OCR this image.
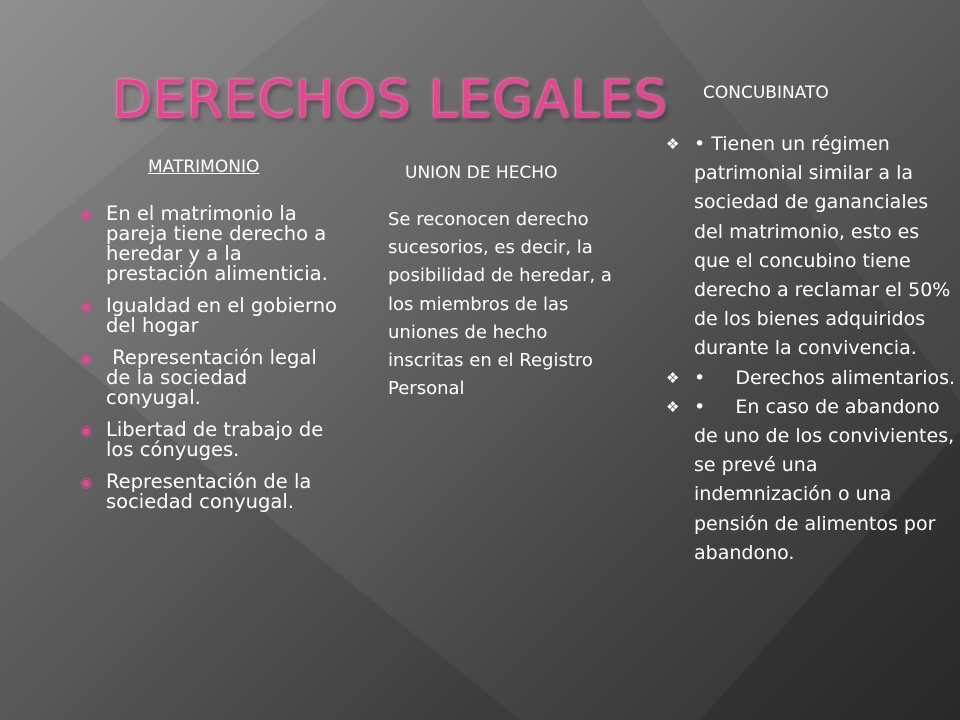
DERECHOS LEGALES
MATRIMONIO	UNION DE HECHO
CONCUBINATO
◉ En el matrimonio la pareja tiene derecho a heredar y a la prestación alimenticia.
◉ Igualdad en el gobierno del hogar
◉ Representación legal de la sociedad conyugal.
◉ Libertad de trabajo de los cónyuges.
◉ Representación de la sociedad conyugal.

Se reconocen derecho sucesorios, es decir, la posibilidad de heredar, a los miembros de las uniones de hecho inscritas en el Registro Personal

❖ • Tienen un régimen patrimonial similar a la sociedad de gananciales del matrimonio, esto es que el concubino tiene derecho a reclamar el 50% de los bienes adquiridos durante la convivencia.
❖ •     Derechos alimentarios.
❖ •     En caso de abandono de uno de los convivientes, se prevé una indemnización o una pensión de alimentos por abandono.
